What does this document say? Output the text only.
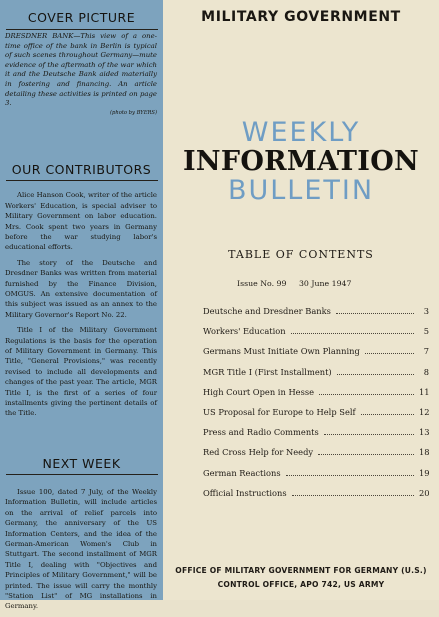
COVER PICTURE
DRESDNER BANK—This view of a one-time office of the bank in Berlin is typical of such scenes throughout Germany—mute evidence of the aftermath of the war which it and the Deutsche Bank aided materially in fostering and financing. An article detailing these activities is printed on page 3.
(photo by BYERS)
OUR CONTRIBUTORS

Alice Hanson Cook, writer of the article Workers' Education, is special adviser to Military Government on labor education. Mrs. Cook spent two years in Germany before the war studying labor's educational efforts.

The story of the Deutsche and Dresdner Banks was written from material furnished by the Finance Division, OMGUS. An extensive documentation of this subject was issued as an annex to the Military Governor's Report No. 22.

Title I of the Military Government Regulations is the basis for the operation of Military Government in Germany. This Title, "General Provisions," was recently revised to include all developments and changes of the past year. The article, MGR Title I, is the first of a series of four installments giving the pertinent details of the Title.

NEXT WEEK

Issue 100, dated 7 July, of the Weekly Information Bulletin, will include articles on the arrival of relief parcels into Germany, the anniversary of the US Information Centers, and the idea of the German-American Women's Club in Stuttgart. The second installment of MGR Title I, dealing with "Objectives and Principles of Military Government," will be printed. The issue will carry the monthly "Station List" of MG installations in Germany.

MILITARY GOVERNMENT
WEEKLY
INFORMATION
BULLETIN
TABLE OF CONTENTS
Issue No. 99 30 June 1947
Deutsche and Dresdner Banks	3
Workers' Education	5
Germans Must Initiate Own Planning	7
MGR Title I (First Installment)	8
High Court Open in Hesse	11
US Proposal for Europe to Help Self	12
Press and Radio Comments	13
Red Cross Help for Needy	18
German Reactions	19
Official Instructions	20
OFFICE OF MILITARY GOVERNMENT FOR GERMANY (U.S.)
CONTROL OFFICE, APO 742, US ARMY
